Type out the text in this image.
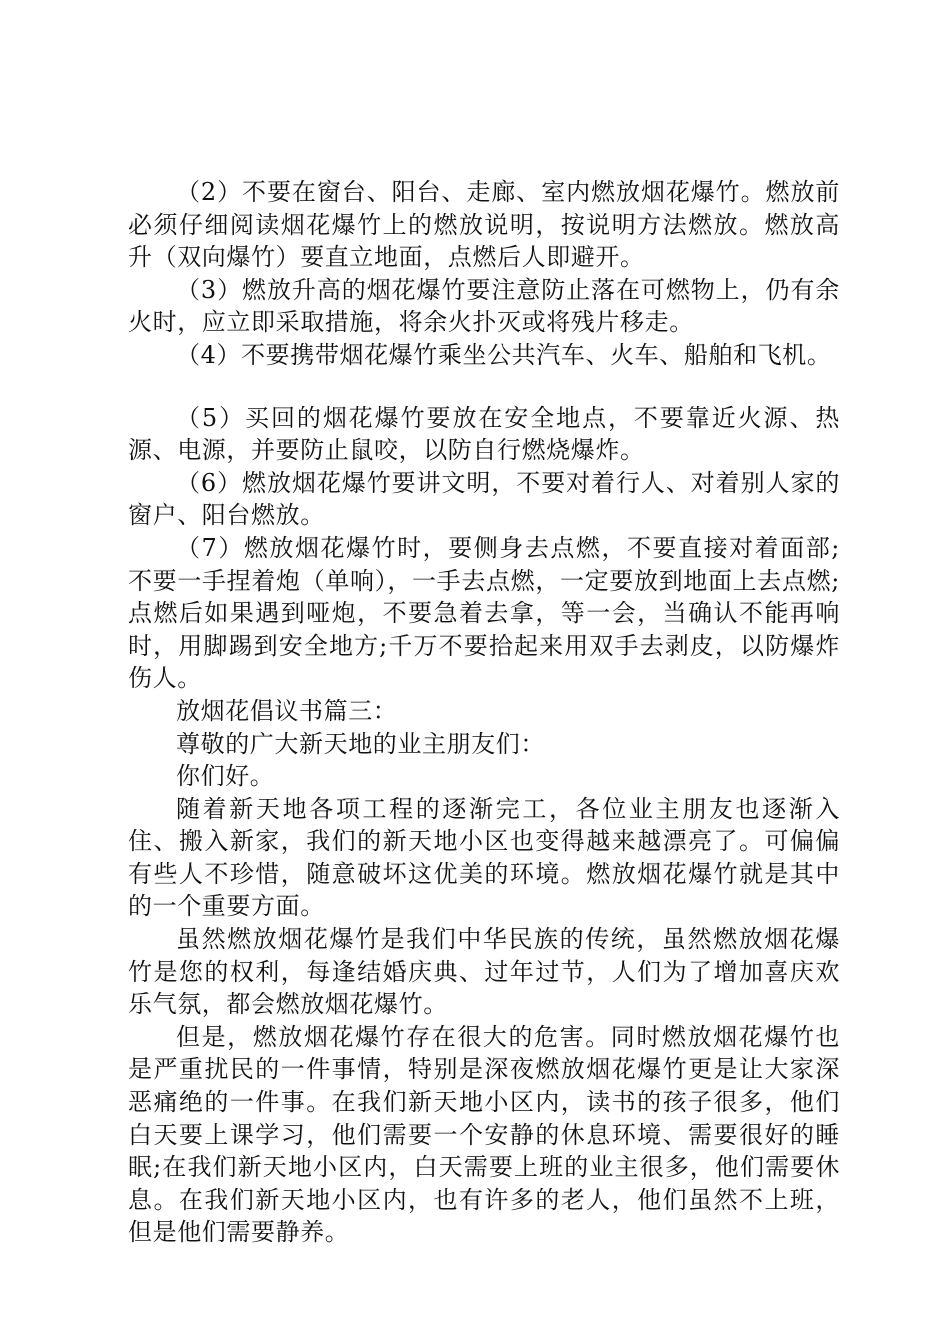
（2）不要在窗台、阳台、走廊、室内燃放烟花爆竹。燃放前必须仔细阅读烟花爆竹上的燃放说明，按说明方法燃放。燃放高升（双向爆竹）要直立地面，点燃后人即避开。

（3）燃放升高的烟花爆竹要注意防止落在可燃物上，仍有余火时，应立即采取措施，将余火扑灭或将残片移走。

（4）不要携带烟花爆竹乘坐公共汽车、火车、船舶和飞机。

（5）买回的烟花爆竹要放在安全地点，不要靠近火源、热源、电源，并要防止鼠咬，以防自行燃烧爆炸。

（6）燃放烟花爆竹要讲文明，不要对着行人、对着别人家的窗户、阳台燃放。

（7）燃放烟花爆竹时，要侧身去点燃，不要直接对着面部;不要一手捏着炮（单响），一手去点燃，一定要放到地面上去点燃;点燃后如果遇到哑炮，不要急着去拿，等一会，当确认不能再响时，用脚踢到安全地方;千万不要拾起来用双手去剥皮，以防爆炸伤人。

放烟花倡议书篇三：

尊敬的广大新天地的业主朋友们：

你们好。

随着新天地各项工程的逐渐完工，各位业主朋友也逐渐入住、搬入新家，我们的新天地小区也变得越来越漂亮了。可偏偏有些人不珍惜，随意破坏这优美的环境。燃放烟花爆竹就是其中的一个重要方面。

虽然燃放烟花爆竹是我们中华民族的传统，虽然燃放烟花爆竹是您的权利，每逢结婚庆典、过年过节，人们为了增加喜庆欢乐气氛，都会燃放烟花爆竹。

但是，燃放烟花爆竹存在很大的危害。同时燃放烟花爆竹也是严重扰民的一件事情，特别是深夜燃放烟花爆竹更是让大家深恶痛绝的一件事。在我们新天地小区内，读书的孩子很多，他们白天要上课学习，他们需要一个安静的休息环境、需要很好的睡眠;在我们新天地小区内，白天需要上班的业主很多，他们需要休息。在我们新天地小区内，也有许多的老人，他们虽然不上班，但是他们需要静养。
